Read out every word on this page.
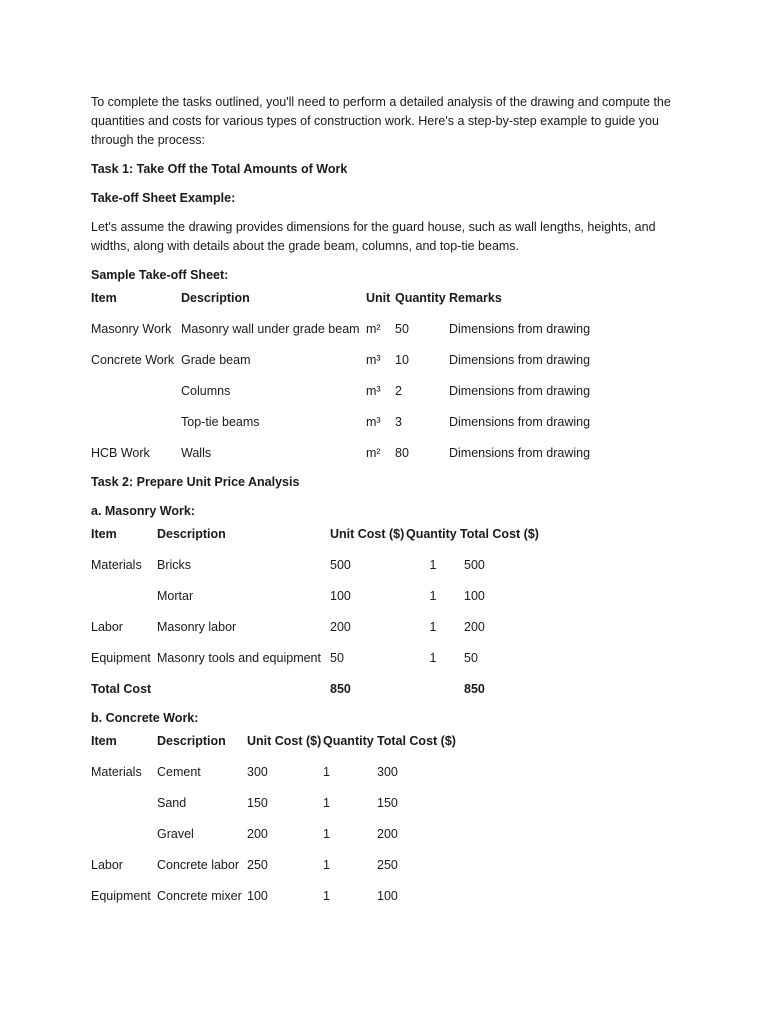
To complete the tasks outlined, you'll need to perform a detailed analysis of the drawing and compute the quantities and costs for various types of construction work. Here's a step-by-step example to guide you through the process:

Task 1: Take Off the Total Amounts of Work

Take-off Sheet Example:

Let's assume the drawing provides dimensions for the guard house, such as wall lengths, heights, and widths, along with details about the grade beam, columns, and top-tie beams.

Sample Take-off Sheet:

Item	Description	Unit	Quantity	Remarks
Masonry Work	Masonry wall under grade beam	m²	50	Dimensions from drawing
Concrete Work	Grade beam	m³	10	Dimensions from drawing
	Columns	m³	2	Dimensions from drawing
	Top-tie beams	m³	3	Dimensions from drawing
HCB Work	Walls	m²	80	Dimensions from drawing

Task 2: Prepare Unit Price Analysis

a. Masonry Work:

Item	Description	Unit Cost ($)	Quantity	Total Cost ($)
Materials	Bricks	500	1	500
	Mortar	100	1	100
Labor	Masonry labor	200	1	200
Equipment	Masonry tools and equipment	50	1	50
Total Cost		850		850

b. Concrete Work:

Item	Description	Unit Cost ($)	Quantity	Total Cost ($)
Materials	Cement	300	1	300
	Sand	150	1	150
	Gravel	200	1	200
Labor	Concrete labor	250	1	250
Equipment	Concrete mixer	100	1	100
